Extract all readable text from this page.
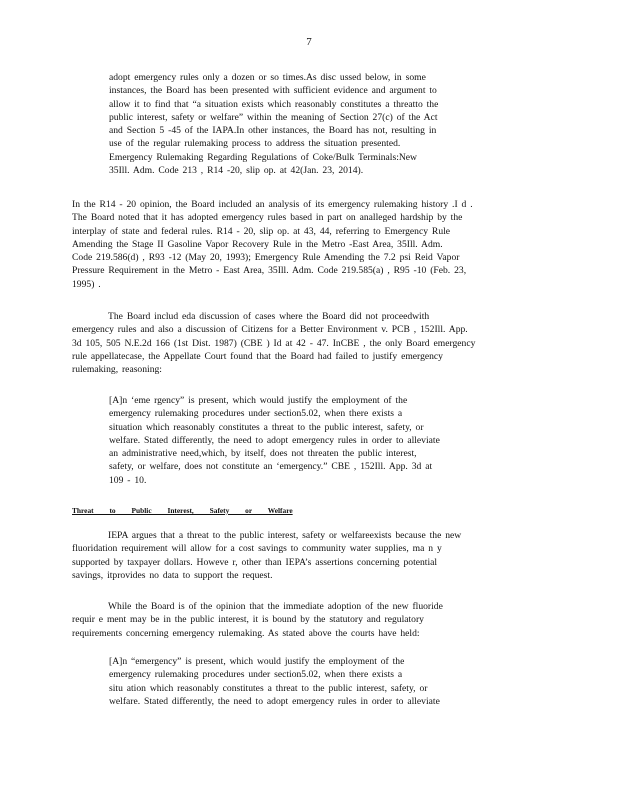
7

adopt emergency rules only a dozen or so times.As disc ussed below, in some

instances, the Board has been presented with sufficient evidence and argument to

allow it to find that “a situation exists which reasonably constitutes a threatto the

public interest, safety or welfare” within the meaning of Section 27(c) of the Act

and Section 5 -45 of the IAPA.In other instances, the Board has not, resulting in

use of the regular rulemaking process to address the situation presented.

Emergency Rulemaking Regarding Regulations of Coke/Bulk Terminals:New

35Ill. Adm. Code 213 , R14 -20, slip op. at 42(Jan. 23, 2014).

In the R14 - 20 opinion, the Board included an analysis of its emergency rulemaking history .I d .

The Board noted that it has adopted emergency rules based in part on analleged hardship by the

interplay of state and federal rules. R14 - 20, slip op. at 43, 44, referring to Emergency Rule

Amending the Stage II Gasoline Vapor Recovery Rule in the Metro -East Area, 35Ill. Adm.

Code 219.586(d) , R93 -12 (May 20, 1993); Emergency Rule Amending the 7.2 psi Reid Vapor

Pressure Requirement in the Metro - East Area, 35Ill. Adm. Code 219.585(a) , R95 -10 (Feb. 23,

1995) .

The Board includ eda discussion of cases where the Board did not proceedwith

emergency rules and also a discussion of Citizens for a Better Environment v. PCB , 152Ill. App.

3d 105, 505 N.E.2d 166 (1st Dist. 1987) (CBE ) Id at 42 - 47. InCBE , the only Board emergency

rule appellatecase, the Appellate Court found that the Board had failed to justify emergency

rulemaking, reasoning:

[A]n ‘eme rgency” is present, which would justify the employment of the

emergency rulemaking procedures under section5.02, when there exists a

situation which reasonably constitutes a threat to the public interest, safety, or

welfare. Stated differently, the need to adopt emergency rules in order to alleviate

an administrative need,which, by itself, does not threaten the public interest,

safety, or welfare, does not constitute an ‘emergency.” CBE , 152Ill. App. 3d at

109 - 10.

Threat to Public Interest, Safety or Welfare

IEPA argues that a threat to the public interest, safety or welfareexists because the new

fluoridation requirement will allow for a cost savings to community water supplies, ma n y

supported by taxpayer dollars. Howeve r, other than IEPA’s assertions concerning potential

savings, itprovides no data to support the request.

While the Board is of the opinion that the immediate adoption of the new fluoride

requir e ment may be in the public interest, it is bound by the statutory and regulatory

requirements concerning emergency rulemaking. As stated above the courts have held:

[A]n “emergency” is present, which would justify the employment of the

emergency rulemaking procedures under section5.02, when there exists a

situ ation which reasonably constitutes a threat to the public interest, safety, or

welfare. Stated differently, the need to adopt emergency rules in order to alleviate
